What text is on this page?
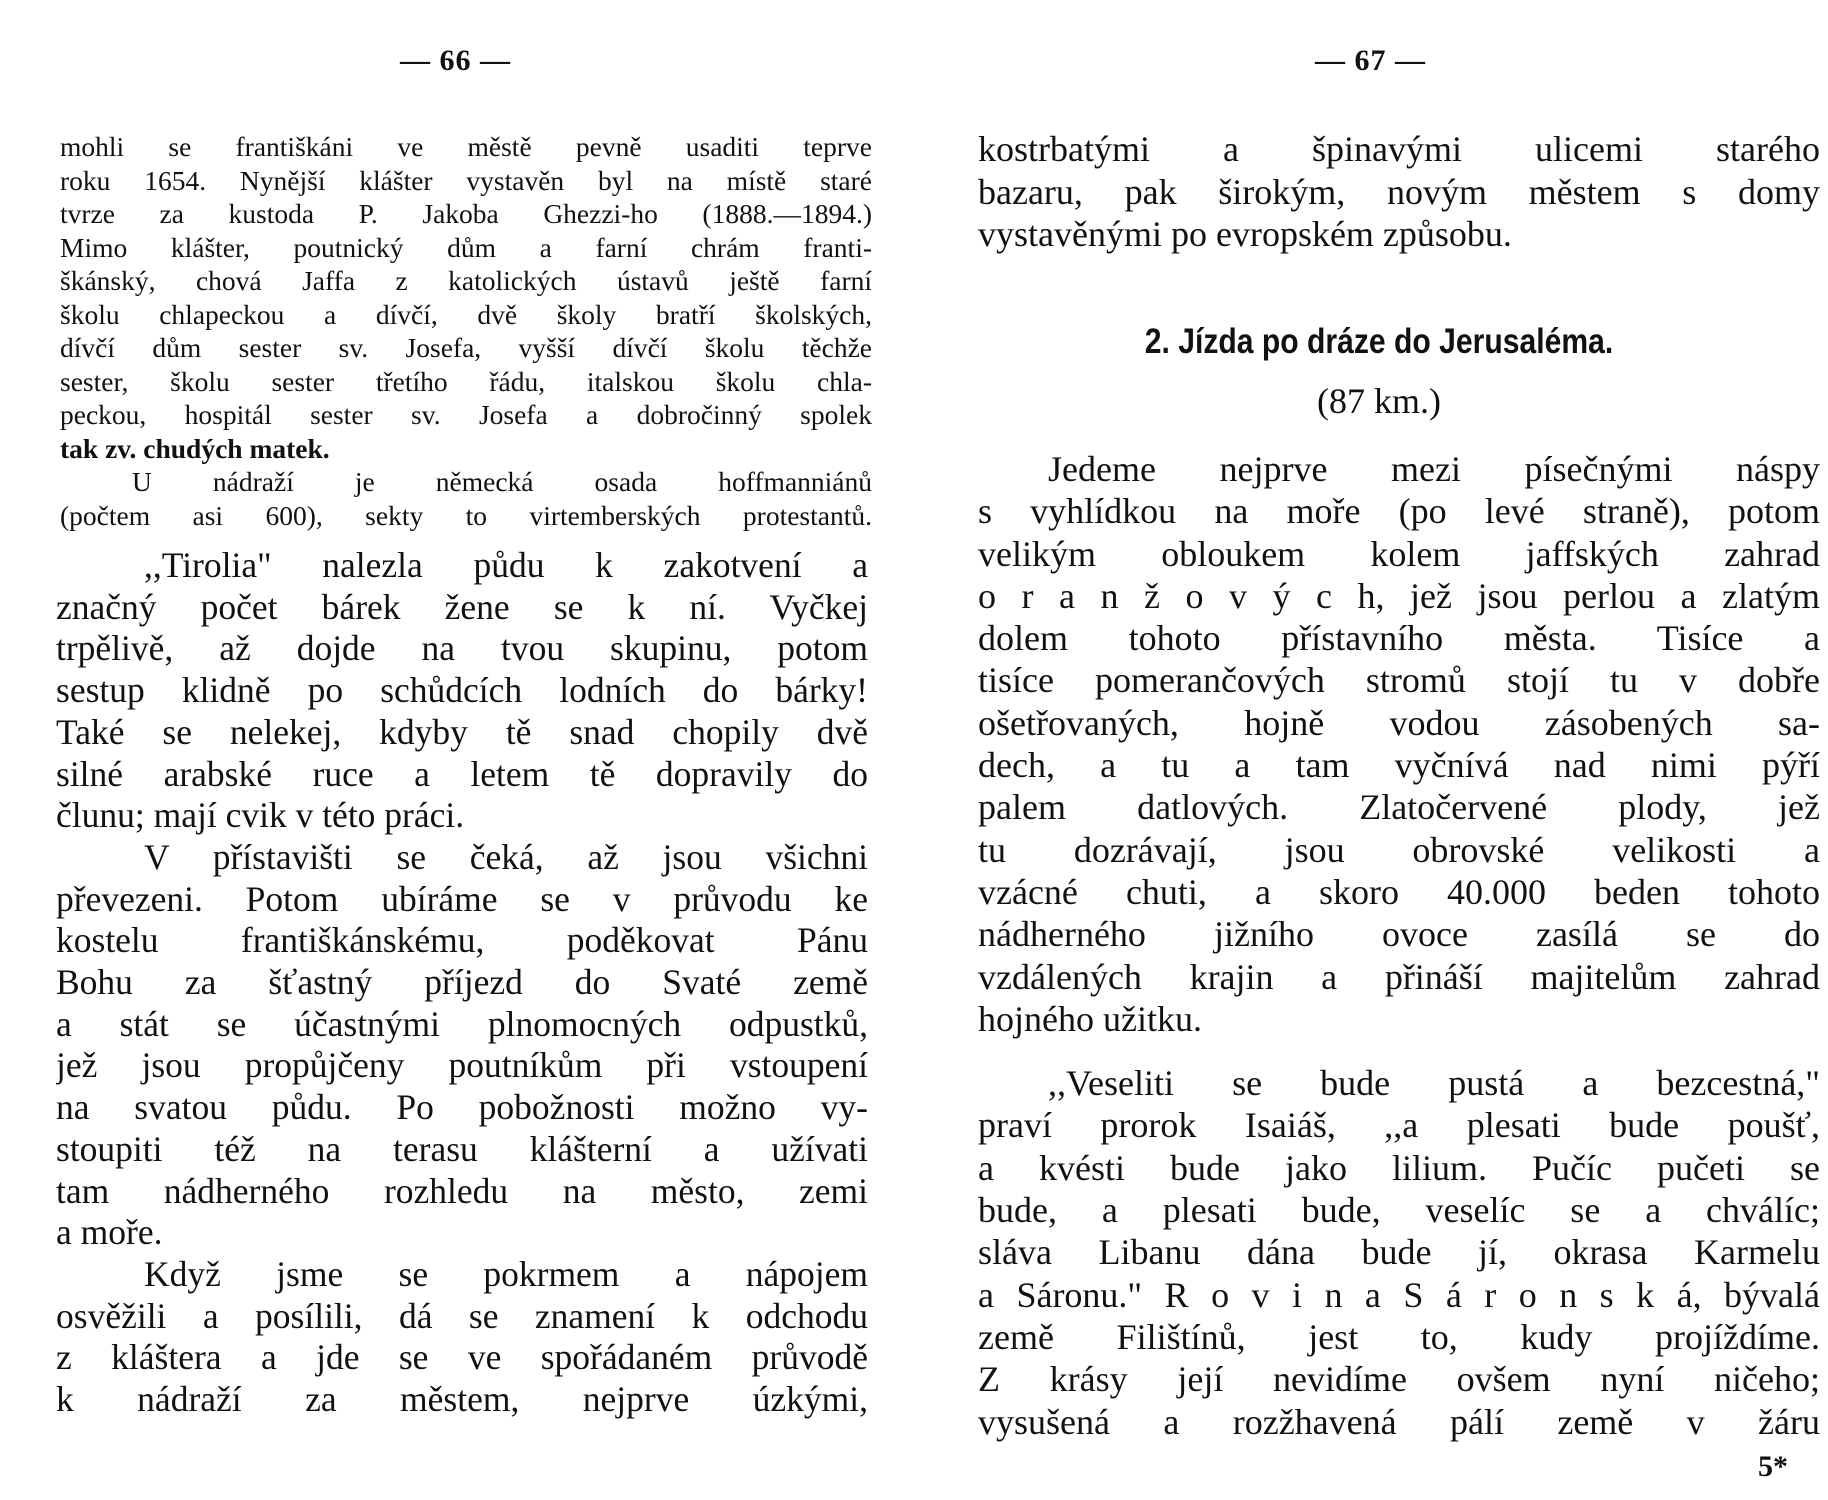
— 66 —
mohli se františkáni ve městě pevně usaditi teprve
roku 1654. Nynější klášter vystavěn byl na místě staré
tvrze za kustoda P. Jakoba Ghezzi-ho (1888.—1894.)
Mimo klášter, poutnický dům a farní chrám franti-
škánský, chová Jaffa z katolických ústavů ještě farní
školu chlapeckou a dívčí, dvě školy bratří školských,
dívčí dům sester sv. Josefa, vyšší dívčí školu těchže
sester, školu sester třetího řádu, italskou školu chla-
peckou, hospitál sester sv. Josefa a dobročinný spolek
tak zv. chudých matek.
U nádraží je německá osada hoffmanniánů
(počtem asi 600), sekty to virtemberských protestantů.
,,Tirolia" nalezla půdu k zakotvení a
značný počet bárek žene se k ní. Vyčkej
trpělivě, až dojde na tvou skupinu, potom
sestup klidně po schůdcích lodních do bárky!
Také se nelekej, kdyby tě snad chopily dvě
silné arabské ruce a letem tě dopravily do
člunu; mají cvik v této práci.
V přístavišti se čeká, až jsou všichni
převezeni. Potom ubíráme se v průvodu ke
kostelu františkánskému, poděkovat Pánu
Bohu za šťastný příjezd do Svaté země
a stát se účastnými plnomocných odpustků,
jež jsou propůjčeny poutníkům při vstoupení
na svatou půdu. Po pobožnosti možno vy-
stoupiti též na terasu klášterní a užívati
tam nádherného rozhledu na město, zemi
a moře.
Když jsme se pokrmem a nápojem
osvěžili a posílili, dá se znamení k odchodu
z kláštera a jde se ve spořádaném průvodě
k nádraží za městem, nejprve úzkými,
— 67 —
kostrbatými a špinavými ulicemi starého
bazaru, pak širokým, novým městem s domy
vystavěnými po evropském způsobu.
2. Jízda po dráze do Jerusaléma.
(87 km.)
Jedeme nejprve mezi písečnými náspy
s vyhlídkou na moře (po levé straně), potom
velikým obloukem kolem jaffských zahrad
o r a n ž o v ý c h, jež jsou perlou a zlatým
dolem tohoto přístavního města. Tisíce a
tisíce pomerančových stromů stojí tu v dobře
ošetřovaných, hojně vodou zásobených sa-
dech, a tu a tam vyčnívá nad nimi pýří
palem datlových. Zlatočervené plody, jež
tu dozrávají, jsou obrovské velikosti a
vzácné chuti, a skoro 40.000 beden tohoto
nádherného jižního ovoce zasílá se do
vzdálených krajin a přináší majitelům zahrad
hojného užitku.
,,Veseliti se bude pustá a bezcestná,"
praví prorok Isaiáš, ,,a plesati bude poušť,
a kvésti bude jako lilium. Pučíc pučeti se
bude, a plesati bude, veselíc se a chválíc;
sláva Libanu dána bude jí, okrasa Karmelu
a Sáronu." R o v i n a S á r o n s k á, bývalá
země Filištínů, jest to, kudy projíždíme.
Z krásy její nevidíme ovšem nyní ničeho;
vysušená a rozžhavená pálí země v žáru
5*
